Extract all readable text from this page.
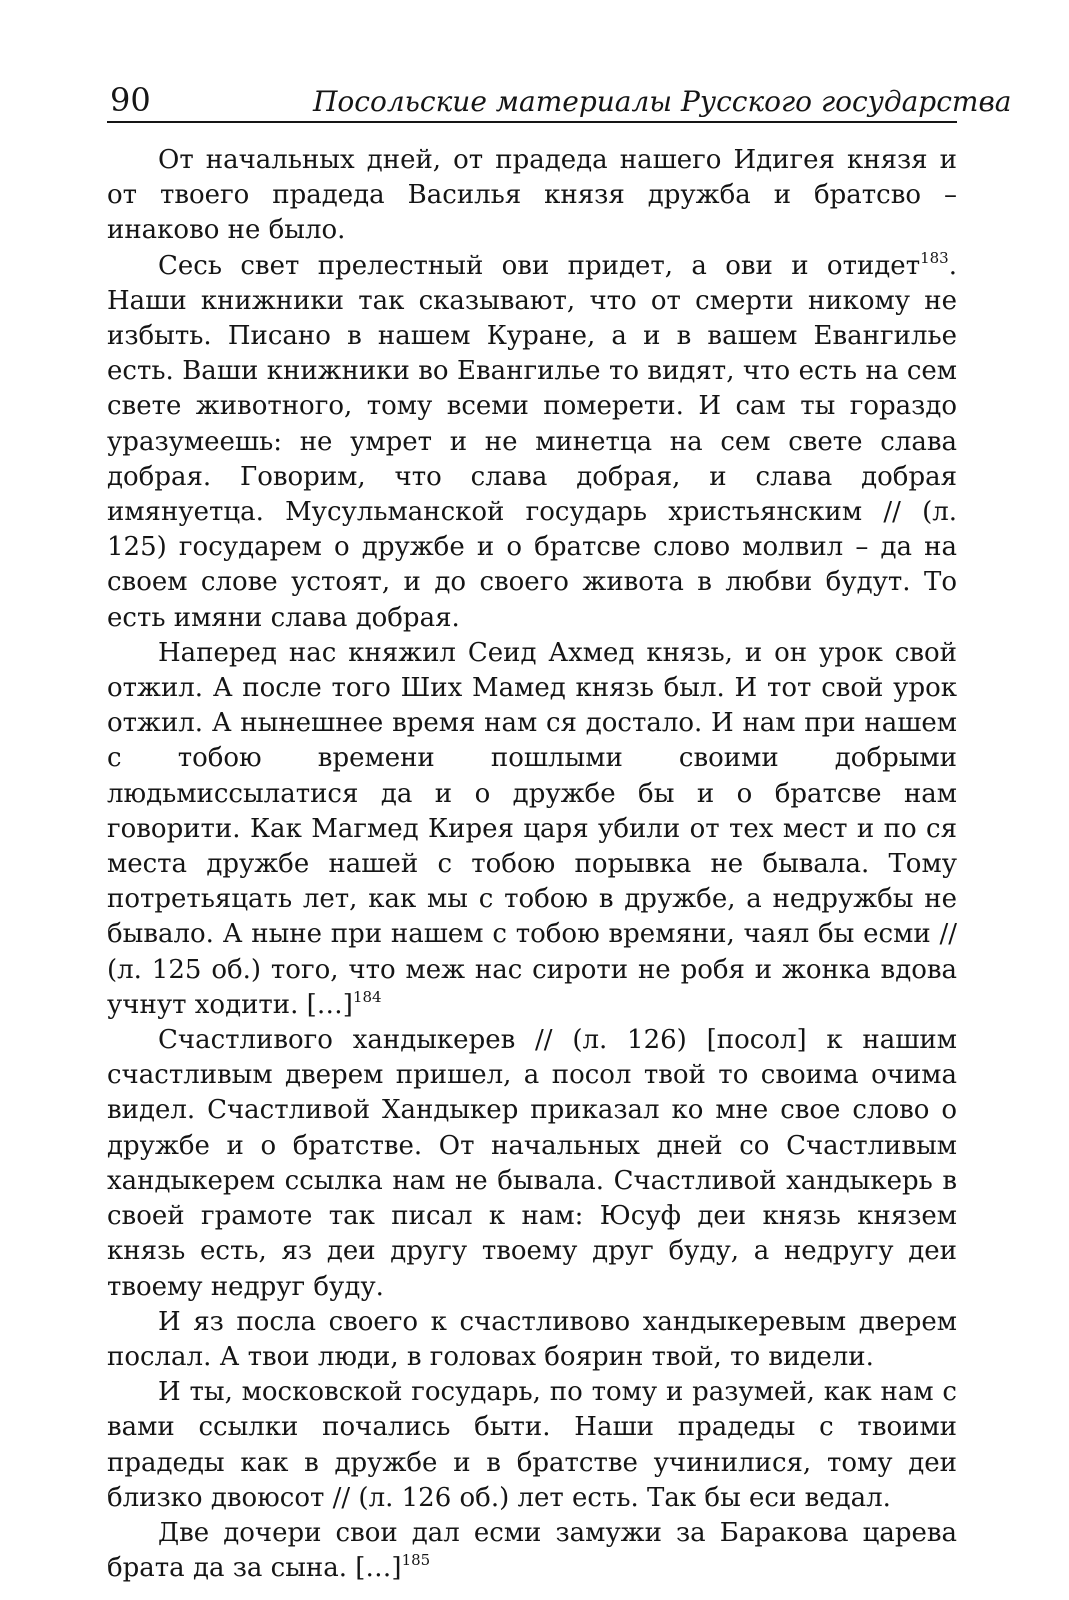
90	Посольские материалы Русского государства

От начальных дней, от прадеда нашего Идигея князя и от твоего прадеда Василья князя дружба и братсво – инаково не было.

Сесь свет прелестный ови придет, а ови и отидет$^{183}$. Наши книжники так сказывают, что от смерти никому не избыть. Писано в нашем Куране, а и в вашем Евангилье есть. Ваши книжники во Евангилье то видят, что есть на сем свете животного, тому всеми померети. И сам ты гораздо уразумеешь: не умрет и не минетца на сем свете слава добрая. Говорим, что слава добрая, и слава добрая имянуетца. Мусульманской государь христьянским // (л. 125) государем о дружбе и о братсве слово молвил – да на своем слове устоят, и до своего живота в любви будут. То есть имяни слава добрая.

Наперед нас княжил Сеид Ахмед князь, и он урок свой отжил. А после того Ших Мамед князь был. И тот свой урок отжил. А нынешнее время нам ся достало. И нам при нашем с тобою времени пошлыми своими добрыми людьмиссылатися да и о дружбе бы и о братсве нам говорити. Как Магмед Кирея царя убили от тех мест и по ся места дружбе нашей с тобою порывка не бывала. Тому потретьяцать лет, как мы с тобою в дружбе, а недружбы не бывало. А ныне при нашем с тобою времяни, чаял бы есми // (л. 125 об.) того, что меж нас сироти не робя и жонка вдова учнут ходити. […]$^{184}$

Счастливого хандыкерев // (л. 126) [посол] к нашим счастливым дверем пришел, а посол твой то своима очима видел. Счастливой Хандыкер приказал ко мне свое слово о дружбе и о братстве. От начальных дней со Счастливым хандыкерем ссылка нам не бывала. Счастливой хандыкерь в своей грамоте так писал к нам: Юсуф деи князь князем князь есть, яз деи другу твоему друг буду, а недругу деи твоему недруг буду.

И яз посла своего к счастливово хандыкеревым дверем послал. А твои люди, в головах боярин твой, то видели.

И ты, московской государь, по тому и разумей, как нам с вами ссылки почались быти. Наши прадеды с твоими прадеды как в дружбе и в братстве учинилися, тому деи близко двоюсот // (л. 126 об.) лет есть. Так бы еси ведал.

Две дочери свои дал есми замужи за Баракова царева брата да за сына. […]$^{185}$
